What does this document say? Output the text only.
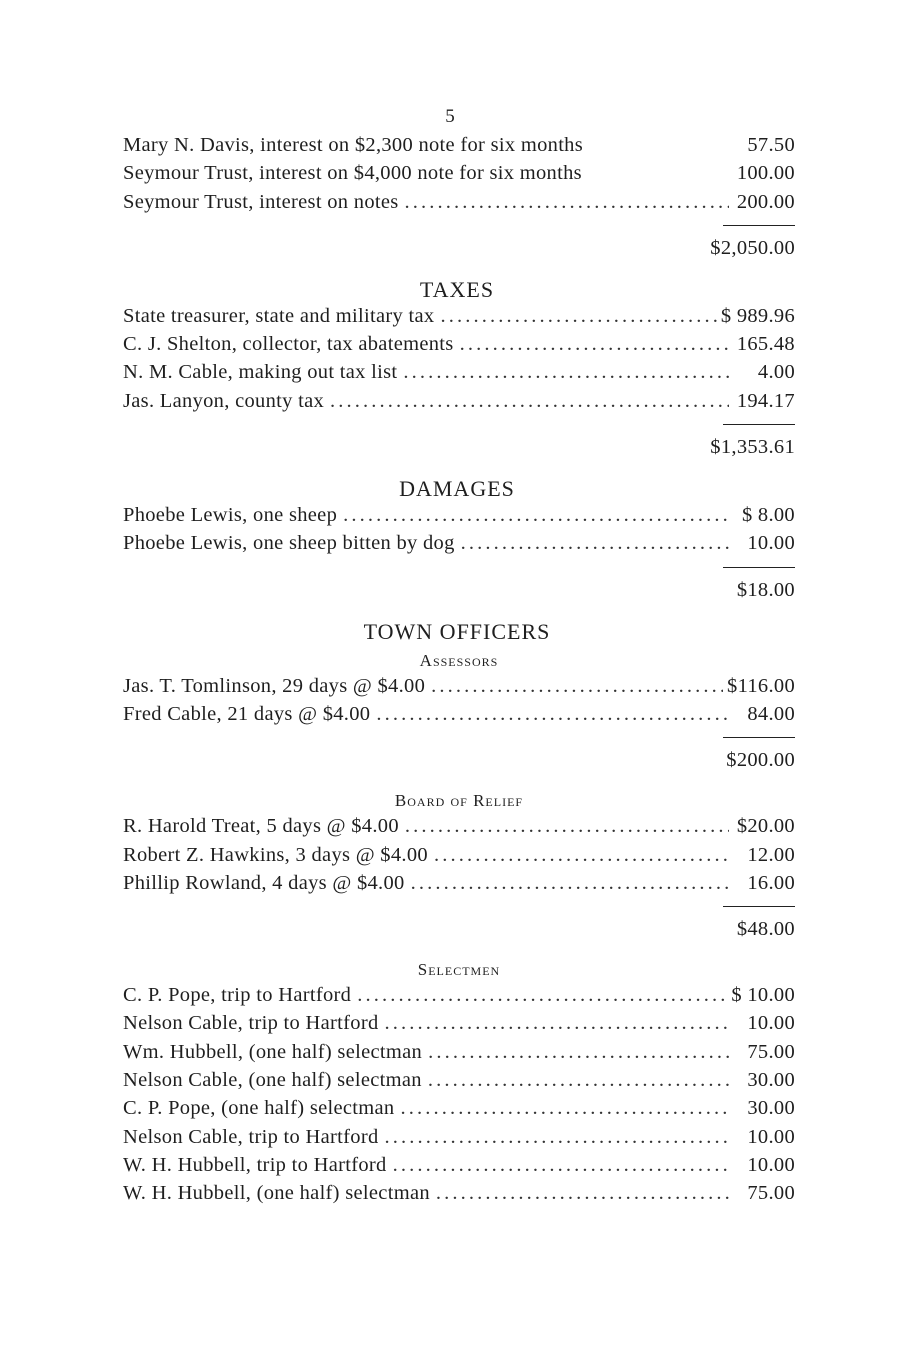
5
Mary N. Davis, interest on $2,300 note for six months	57.50
Seymour Trust, interest on $4,000 note for six months	100.00
Seymour Trust, interest on notes . . .	200.00
$2,050.00
TAXES
State treasurer, state and military tax . . .	$ 989.96
C. J. Shelton, collector, tax abatements . . .	165.48
N. M. Cable, making out tax list . . .	4.00
Jas. Lanyon, county tax . . .	194.17
$1,353.61
DAMAGES
Phoebe Lewis, one sheep . . .	$ 8.00
Phoebe Lewis, one sheep bitten by dog . . .	10.00
$18.00
TOWN OFFICERS
Assessors
Jas. T. Tomlinson, 29 days @ $4.00 . . .	$116.00
Fred Cable, 21 days @ $4.00 . . .	84.00
$200.00
Board of Relief
R. Harold Treat, 5 days @ $4.00 . . .	$20.00
Robert Z. Hawkins, 3 days @ $4.00 . . .	12.00
Phillip Rowland, 4 days @ $4.00 . . .	16.00
$48.00
Selectmen
C. P. Pope, trip to Hartford . . .	$ 10.00
Nelson Cable, trip to Hartford . . .	10.00
Wm. Hubbell, (one half) selectman . . .	75.00
Nelson Cable, (one half) selectman . . .	30.00
C. P. Pope, (one half) selectman . . .	30.00
Nelson Cable, trip to Hartford . . .	10.00
W. H. Hubbell, trip to Hartford . . .	10.00
W. H. Hubbell, (one half) selectman . . .	75.00
